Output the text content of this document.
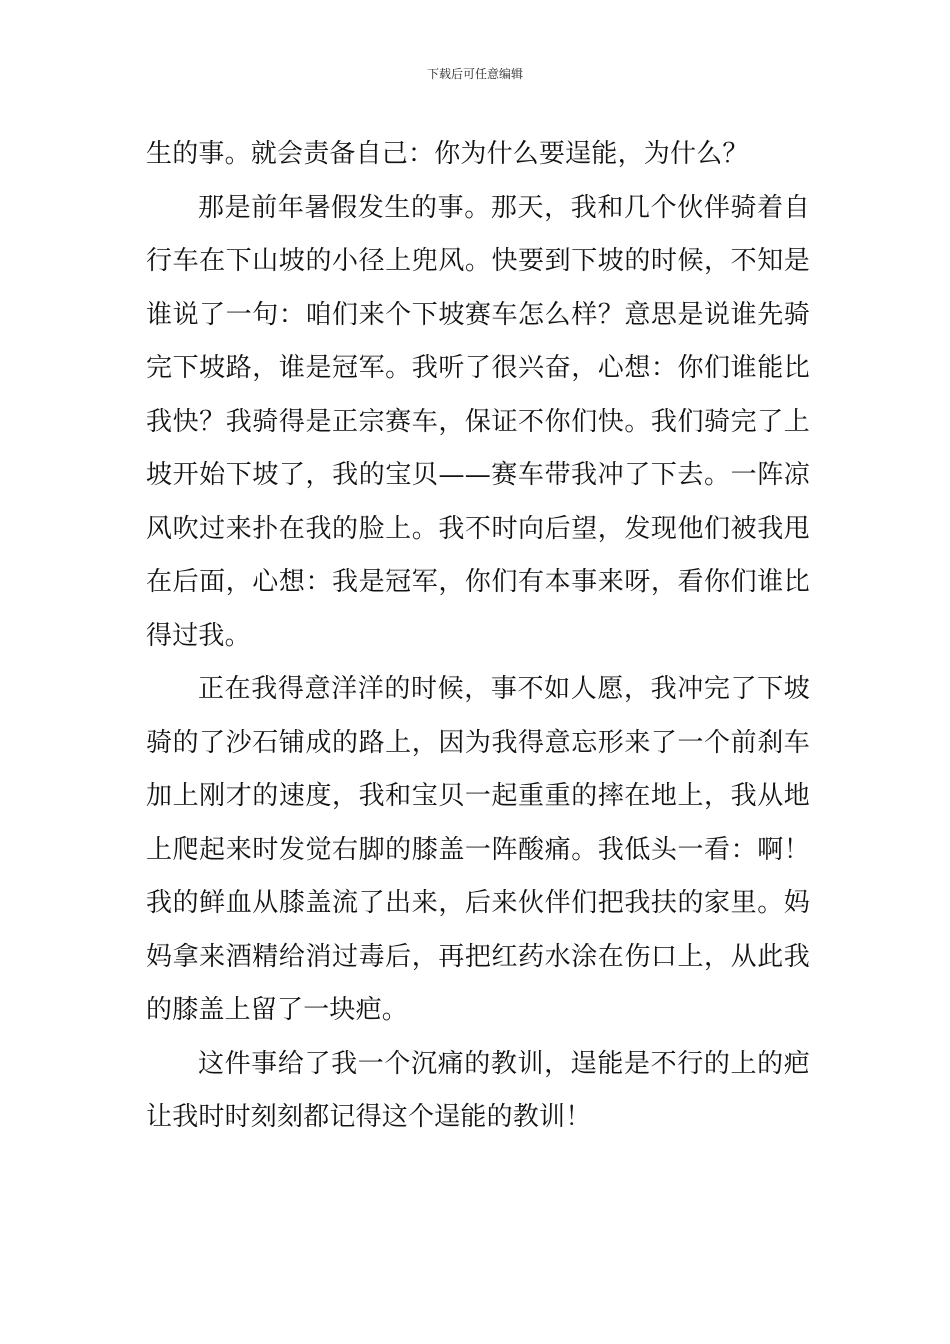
下载后可任意编辑

生的事。就会责备自己：你为什么要逞能，为什么？

那是前年暑假发生的事。那天，我和几个伙伴骑着自行车在下山坡的小径上兜风。快要到下坡的时候，不知是谁说了一句：咱们来个下坡赛车怎么样？意思是说谁先骑完下坡路，谁是冠军。我听了很兴奋，心想：你们谁能比我快？我骑得是正宗赛车，保证不你们快。我们骑完了上坡开始下坡了，我的宝贝——赛车带我冲了下去。一阵凉风吹过来扑在我的脸上。我不时向后望，发现他们被我甩在后面，心想：我是冠军，你们有本事来呀，看你们谁比得过我。

正在我得意洋洋的时候，事不如人愿，我冲完了下坡骑的了沙石铺成的路上，因为我得意忘形来了一个前刹车加上刚才的速度，我和宝贝一起重重的摔在地上，我从地上爬起来时发觉右脚的膝盖一阵酸痛。我低头一看：啊！我的鲜血从膝盖流了出来，后来伙伴们把我扶的家里。妈妈拿来酒精给消过毒后，再把红药水涂在伤口上，从此我的膝盖上留了一块疤。

这件事给了我一个沉痛的教训，逞能是不行的上的疤让我时时刻刻都记得这个逞能的教训！
